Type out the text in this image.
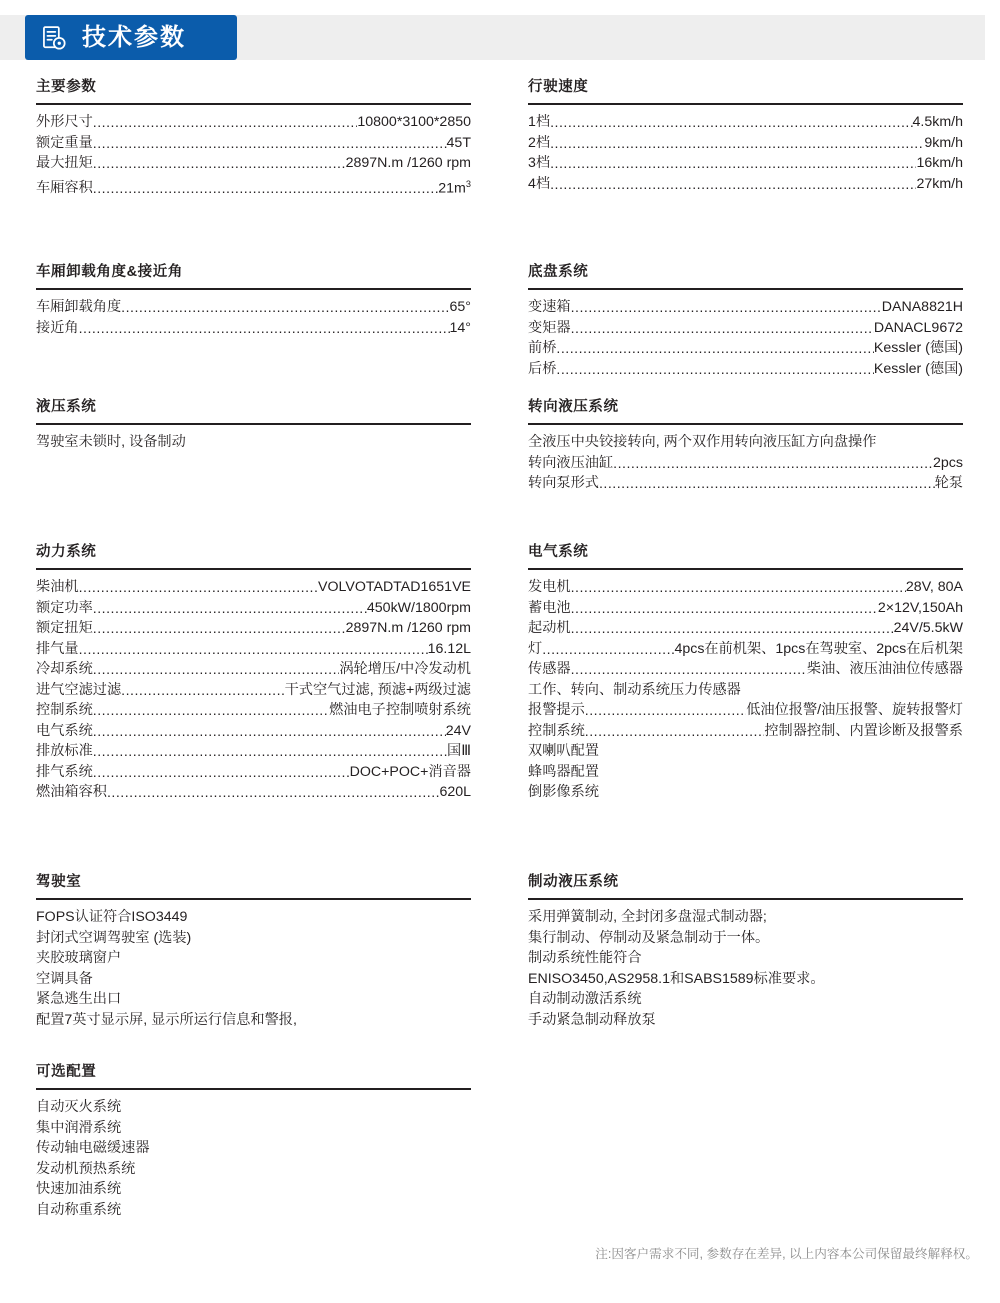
技术参数
主要参数
外形尺寸 .....	10800*3100*2850
额定重量 .....	45T
最大扭矩 .....	2897N.m /1260 rpm
车厢容积 .....	$21m^3$
车厢卸载角度&接近角
车厢卸载角度 .....	65°
接近角 .....	14°
液压系统
驾驶室未锁时, 设备制动
动力系统
柴油机 .....	VOLVOTADTAD1651VE
额定功率 .....	450kW/1800rpm
额定扭矩 .....	2897N.m /1260 rpm
排气量 .....	16.12L
冷却系统 .....	涡轮增压/中冷发动机
进气空滤过滤 .....	干式空气过滤, 预滤+两级过滤
控制系统 .....	燃油电子控制喷射系统
电气系统 .....	24V
排放标准 .....	国Ⅲ
排气系统 .....	DOC+POC+消音器
燃油箱容积 .....	620L
驾驶室
FOPS认证符合ISO3449
封闭式空调驾驶室 (选装)
夹胶玻璃窗户
空调具备
紧急逃生出口
配置7英寸显示屏, 显示所运行信息和警报,
可选配置
自动灭火系统
集中润滑系统
传动轴电磁缓速器
发动机预热系统
快速加油系统
自动称重系统
行驶速度
1档 .....	4.5km/h
2档 .....	9km/h
3档 .....	16km/h
4档 .....	27km/h
底盘系统
变速箱 .....	DANA8821H
变矩器 .....	DANACL9672
前桥 .....	Kessler (德国)
后桥 .....	Kessler (德国)
转向液压系统
全液压中央铰接转向, 两个双作用转向液压缸方向盘操作
转向液压油缸 .....	2pcs
转向泵形式 .....	轮泵
电气系统
发电机 .....	28V, 80A
蓄电池 .....	2×12V,150Ah
起动机 .....	24V/5.5kW
灯 .....	4pcs在前机架、1pcs在驾驶室、2pcs在后机架
传感器 .....	柴油、液压油油位传感器
工作、转向、制动系统压力传感器
报警提示 .....	低油位报警/油压报警、旋转报警灯
控制系统 .....	控制器控制、内置诊断及报警系
双喇叭配置
蜂鸣器配置
倒影像系统
制动液压系统
采用弹簧制动, 全封闭多盘湿式制动器;
集行制动、停制动及紧急制动于一体。
制动系统性能符合
ENISO3450,AS2958.1和SABS1589标准要求。
自动制动激活系统
手动紧急制动释放泵
注:因客户需求不同, 参数存在差异, 以上内容本公司保留最终解释权。
